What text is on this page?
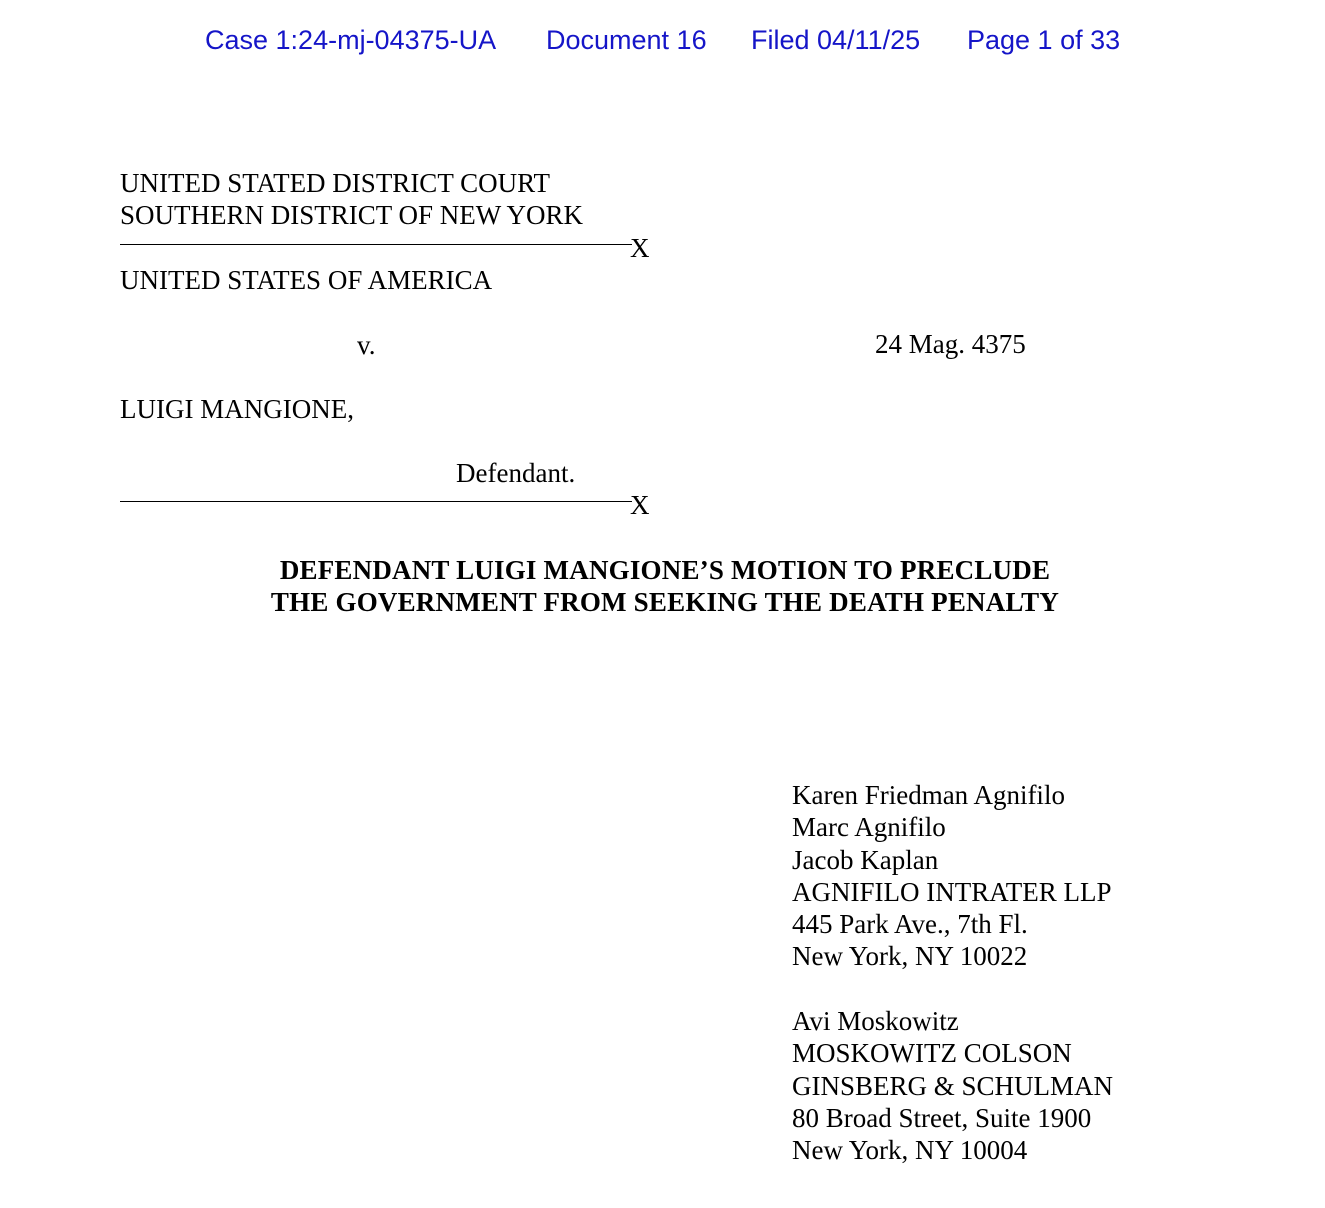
Case 1:24-mj-04375-UA Document 16 Filed 04/11/25 Page 1 of 33
UNITED STATED DISTRICT COURT
SOUTHERN DISTRICT OF NEW YORK
X
UNITED STATES OF AMERICA
v.	24 Mag. 4375
LUIGI MANGIONE,
Defendant.
X
DEFENDANT LUIGI MANGIONE’S MOTION TO PRECLUDE
THE GOVERNMENT FROM SEEKING THE DEATH PENALTY
Karen Friedman Agnifilo
Marc Agnifilo
Jacob Kaplan
AGNIFILO INTRATER LLP
445 Park Ave., 7th Fl.
New York, NY 10022
Avi Moskowitz
MOSKOWITZ COLSON
GINSBERG & SCHULMAN
80 Broad Street, Suite 1900
New York, NY 10004
